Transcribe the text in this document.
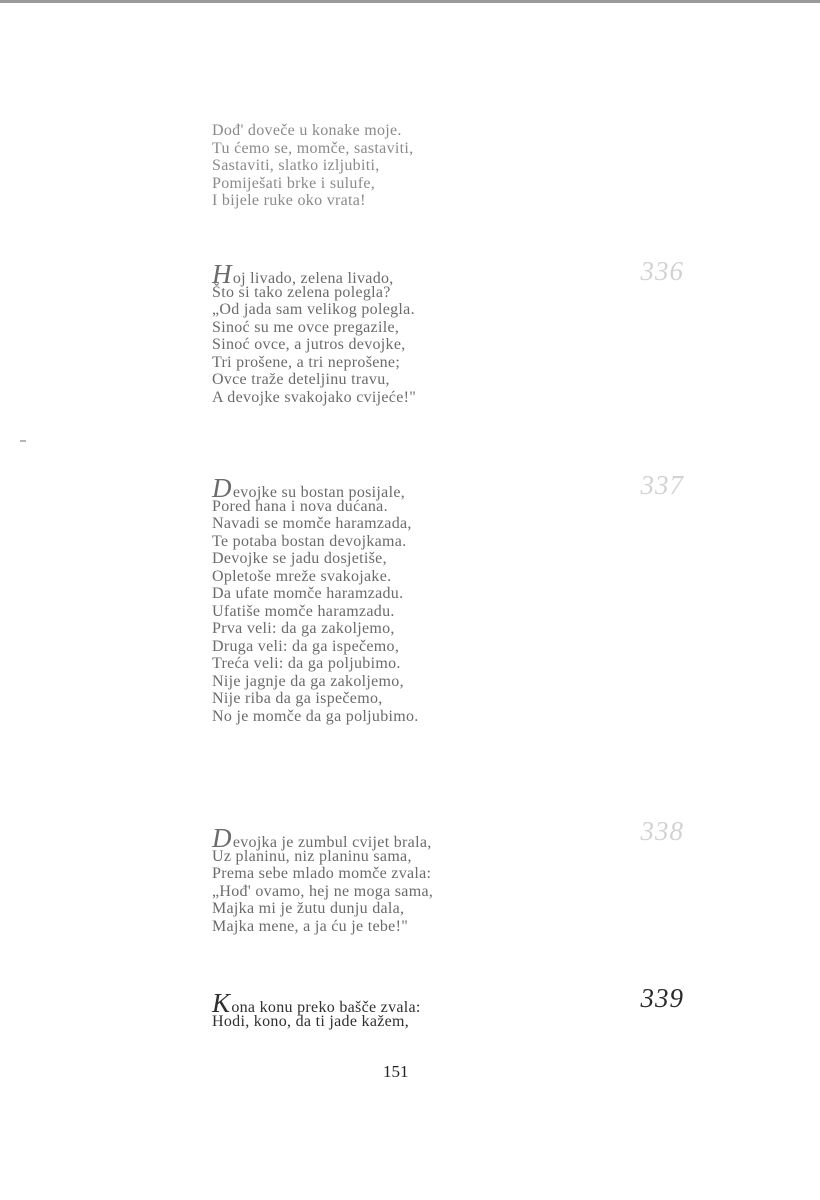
Dođ' doveče u konake moje.
Tu ćemo se, momče, sastaviti,
Sastaviti, slatko izljubiti,
Pomiješati brke i sulufe,
I bijele ruke oko vrata!
336
Hoj livado, zelena livado,
Što si tako zelena polegla?
„Od jada sam velikog polegla.
Sinoć su me ovce pregazile,
Sinoć ovce, a jutros devojke,
Tri prošene, a tri neprošene;
Ovce traže deteljinu travu,
A devojke svakojako cvijeće!"
337
Devojke su bostan posijale,
Pored hana i nova dućana.
Navadi se momče haramzada,
Te potaba bostan devojkama.
Devojke se jadu dosjetiše,
Opletoše mreže svakojake.
Da ufate momče haramzadu.
Ufatiše momče haramzadu.
Prva veli: da ga zakoljemo,
Druga veli: da ga ispečemo,
Treća veli: da ga poljubimo.
Nije jagnje da ga zakoljemo,
Nije riba da ga ispečemo,
No je momče da ga poljubimo.
338
Devojka je zumbul cvijet brala,
Uz planinu, niz planinu sama,
Prema sebe mlado momče zvala:
„Hođ' ovamo, hej ne moga sama,
Majka mi je žutu dunju dala,
Majka mene, a ja ću je tebe!"
339
Kona konu preko bašče zvala:
Hodi, kono, da ti jade kažem,
151
